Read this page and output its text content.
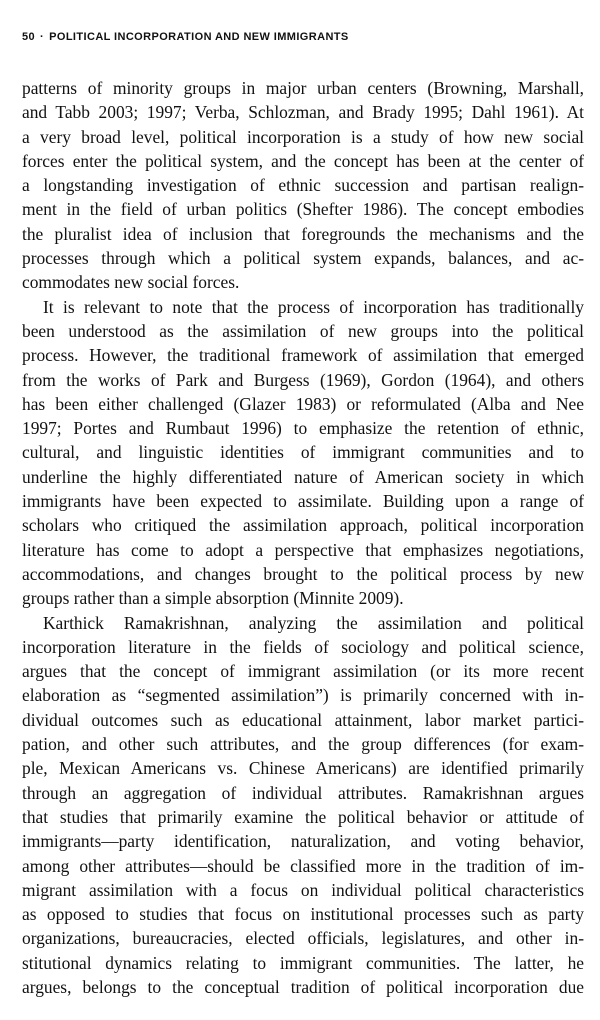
50 · POLITICAL INCORPORATION AND NEW IMMIGRANTS
patterns of minority groups in major urban centers (Browning, Marshall,
and Tabb 2003; 1997; Verba, Schlozman, and Brady 1995; Dahl 1961). At
a very broad level, political incorporation is a study of how new social
forces enter the political system, and the concept has been at the center of
a longstanding investigation of ethnic succession and partisan realign-
ment in the field of urban politics (Shefter 1986). The concept embodies
the pluralist idea of inclusion that foregrounds the mechanisms and the
processes through which a political system expands, balances, and ac-
commodates new social forces.
It is relevant to note that the process of incorporation has traditionally
been understood as the assimilation of new groups into the political
process. However, the traditional framework of assimilation that emerged
from the works of Park and Burgess (1969), Gordon (1964), and others
has been either challenged (Glazer 1983) or reformulated (Alba and Nee
1997; Portes and Rumbaut 1996) to emphasize the retention of ethnic,
cultural, and linguistic identities of immigrant communities and to
underline the highly differentiated nature of American society in which
immigrants have been expected to assimilate. Building upon a range of
scholars who critiqued the assimilation approach, political incorporation
literature has come to adopt a perspective that emphasizes negotiations,
accommodations, and changes brought to the political process by new
groups rather than a simple absorption (Minnite 2009).
Karthick Ramakrishnan, analyzing the assimilation and political
incorporation literature in the fields of sociology and political science,
argues that the concept of immigrant assimilation (or its more recent
elaboration as “segmented assimilation”) is primarily concerned with in-
dividual outcomes such as educational attainment, labor market partici-
pation, and other such attributes, and the group differences (for exam-
ple, Mexican Americans vs. Chinese Americans) are identified primarily
through an aggregation of individual attributes. Ramakrishnan argues
that studies that primarily examine the political behavior or attitude of
immigrants—party identification, naturalization, and voting behavior,
among other attributes—should be classified more in the tradition of im-
migrant assimilation with a focus on individual political characteristics
as opposed to studies that focus on institutional processes such as party
organizations, bureaucracies, elected officials, legislatures, and other in-
stitutional dynamics relating to immigrant communities. The latter, he
argues, belongs to the conceptual tradition of political incorporation due
